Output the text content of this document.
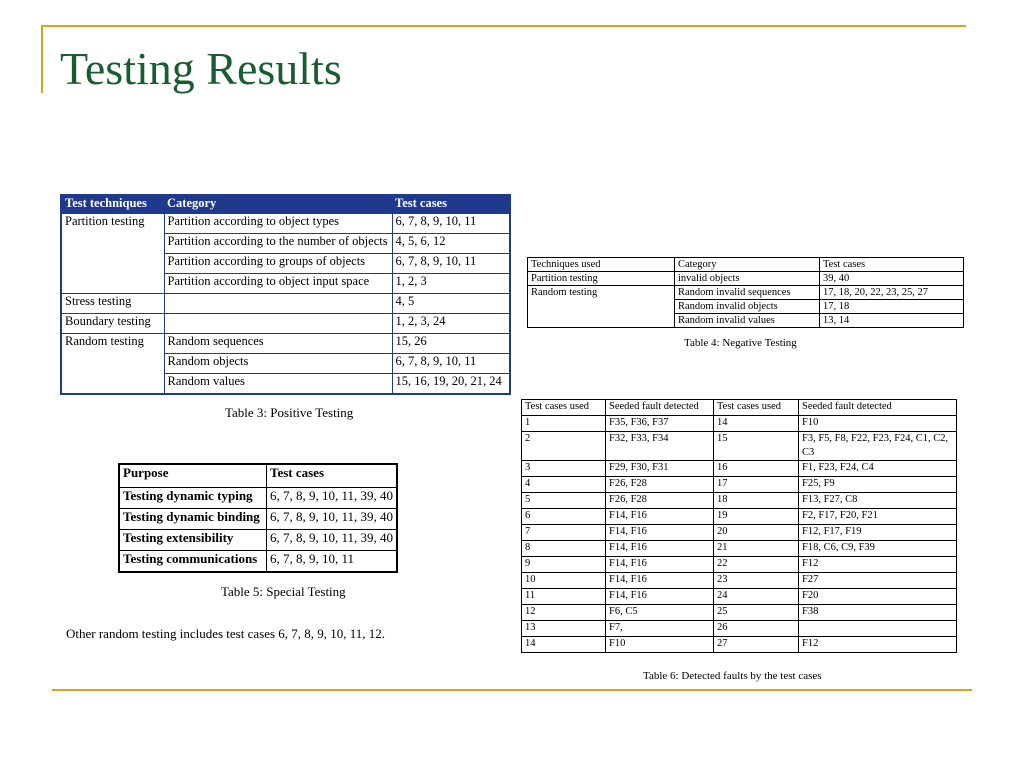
Testing Results
Test techniques	Category	Test cases
Partition testing	Partition according to object types	6, 7, 8, 9, 10, 11
	Partition according to the number of objects	4, 5, 6, 12
	Partition according to groups of objects	6, 7, 8, 9, 10, 11
	Partition according to object input space	1, 2, 3
Stress testing		4, 5
Boundary testing		1, 2, 3, 24
Random testing	Random sequences	15, 26
	Random objects	6, 7, 8, 9, 10, 11
	Random values	15, 16, 19, 20, 21, 24

Table 3: Positive Testing

Techniques used	Category	Test cases
Partition testing	invalid objects	39, 40
Random testing	Random invalid sequences	17, 18, 20, 22, 23, 25, 27
	Random invalid objects	17, 18
	Random invalid values	13, 14

Table 4: Negative Testing

Purpose	Test cases
Testing dynamic typing	6, 7, 8, 9, 10, 11, 39, 40
Testing dynamic binding	6, 7, 8, 9, 10, 11, 39, 40
Testing extensibility	6, 7, 8, 9, 10, 11, 39, 40
Testing communications	6, 7, 8, 9, 10, 11

Table 5: Special Testing

Other random testing includes test cases 6, 7, 8, 9, 10, 11, 12.

Test cases used	Seeded fault detected	Test cases used	Seeded fault detected
1	F35, F36, F37	14	F10
2	F32, F33, F34	15	F3, F5, F8, F22, F23, F24, C1, C2, C3
3	F29, F30, F31	16	F1, F23, F24, C4
4	F26, F28	17	F25, F9
5	F26, F28	18	F13, F27, C8
6	F14, F16	19	F2, F17, F20, F21
7	F14, F16	20	F12, F17, F19
8	F14, F16	21	F18, C6, C9, F39
9	F14, F16	22	F12
10	F14, F16	23	F27
11	F14, F16	24	F20
12	F6, C5	25	F38
13	F7,	26	
14	F10	27	F12

Table 6: Detected faults by the test cases
